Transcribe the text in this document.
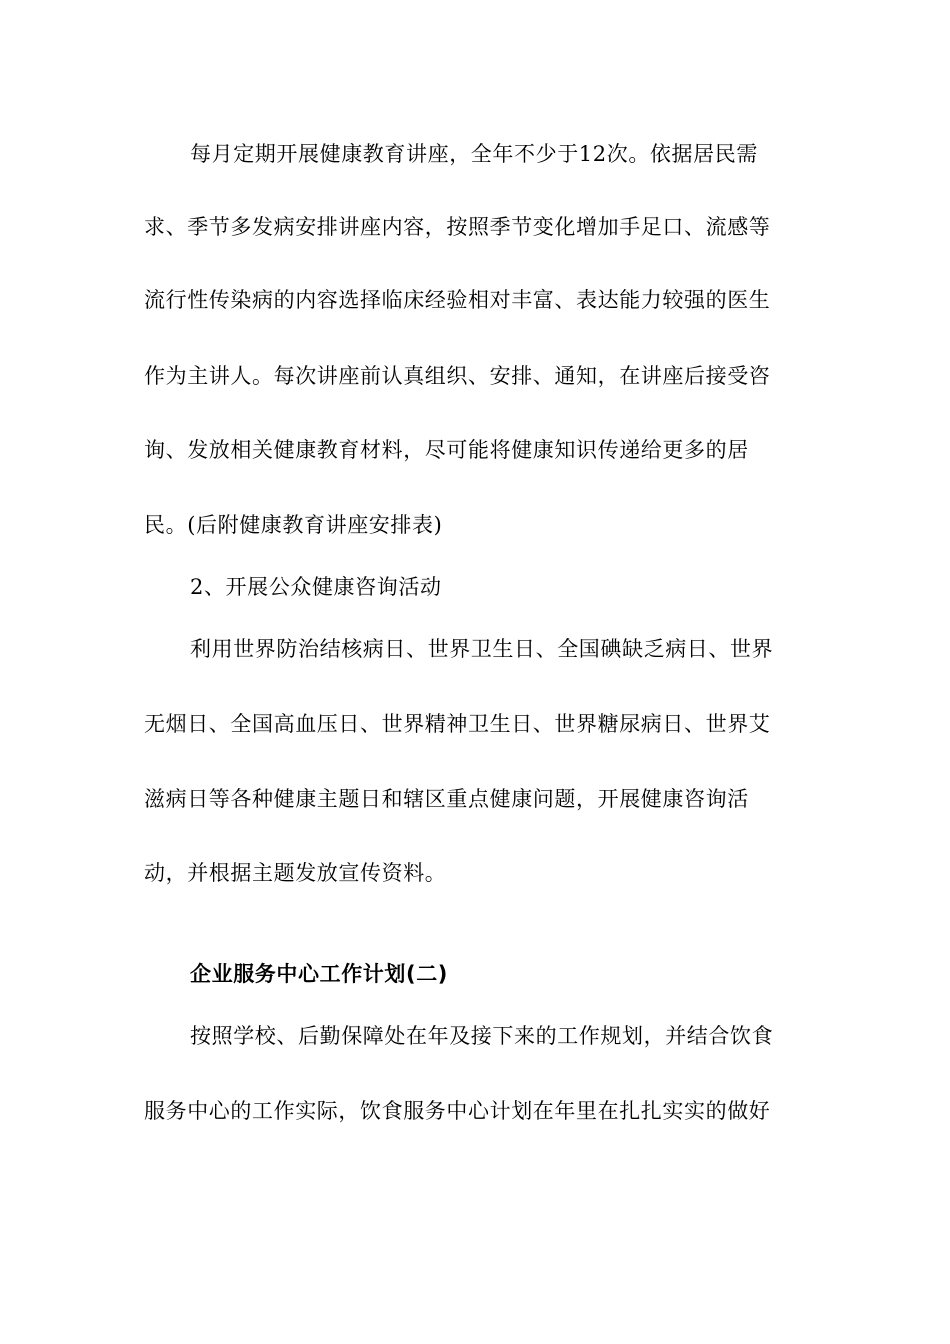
每月定期开展健康教育讲座，全年不少于12次。依据居民需
求、季节多发病安排讲座内容，按照季节变化增加手足口、流感等
流行性传染病的内容选择临床经验相对丰富、表达能力较强的医生
作为主讲人。每次讲座前认真组织、安排、通知，在讲座后接受咨
询、发放相关健康教育材料，尽可能将健康知识传递给更多的居
民。(后附健康教育讲座安排表)
2、开展公众健康咨询活动
利用世界防治结核病日、世界卫生日、全国碘缺乏病日、世界
无烟日、全国高血压日、世界精神卫生日、世界糖尿病日、世界艾
滋病日等各种健康主题日和辖区重点健康问题，开展健康咨询活
动，并根据主题发放宣传资料。
企业服务中心工作计划(二)
按照学校、后勤保障处在年及接下来的工作规划，并结合饮食
服务中心的工作实际，饮食服务中心计划在年里在扎扎实实的做好
